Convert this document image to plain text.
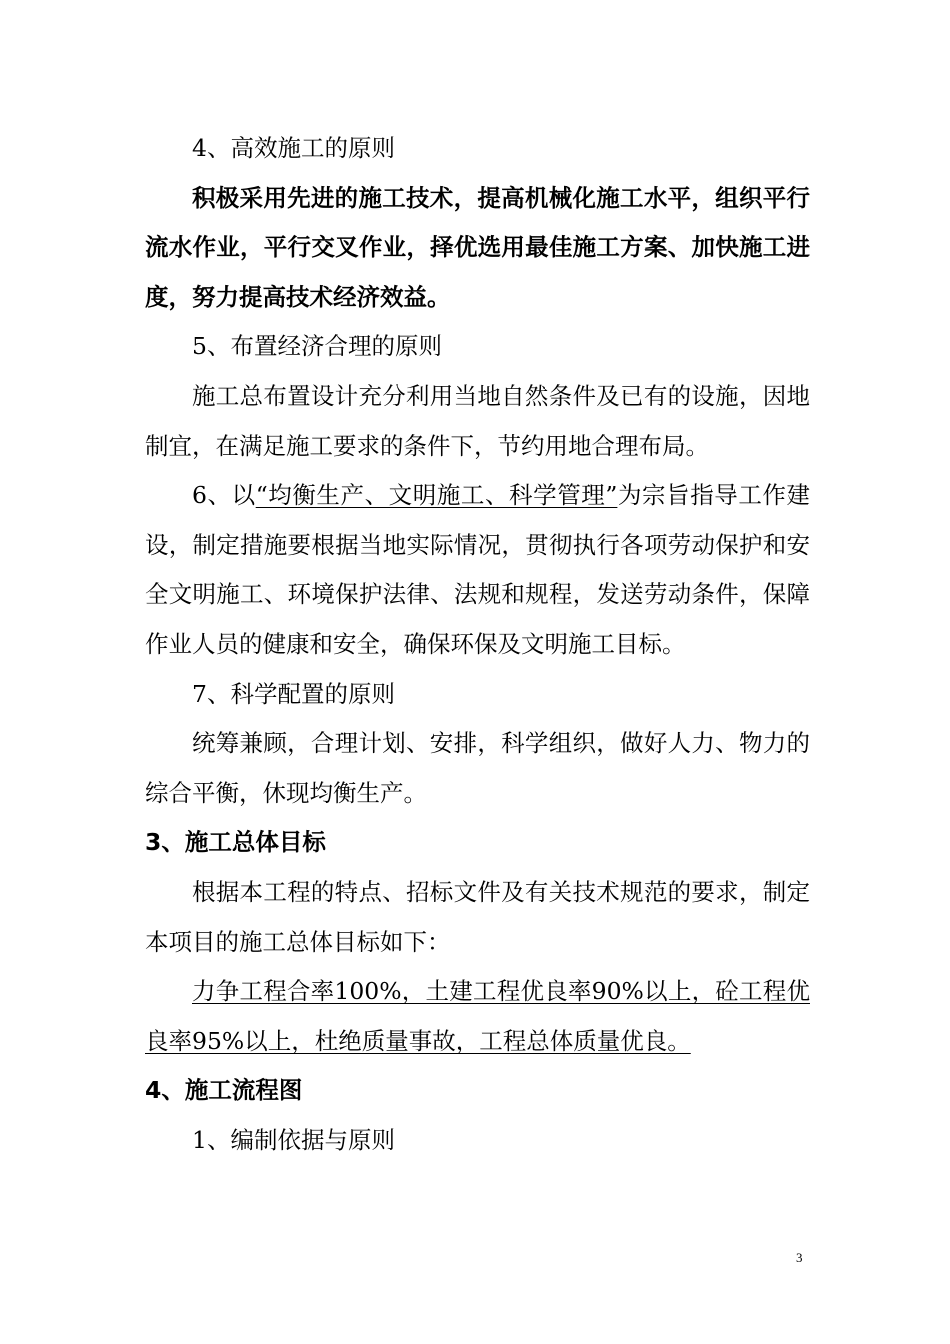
4、高效施工的原则

积极采用先进的施工技术，提高机械化施工水平，组织平行流水作业，平行交叉作业，择优选用最佳施工方案、加快施工进度，努力提高技术经济效益。

5、布置经济合理的原则

施工总布置设计充分利用当地自然条件及已有的设施，因地制宜，在满足施工要求的条件下，节约用地合理布局。

6、以“均衡生产、文明施工、科学管理”为宗旨指导工作建设，制定措施要根据当地实际情况，贯彻执行各项劳动保护和安全文明施工、环境保护法律、法规和规程，发送劳动条件，保障作业人员的健康和安全，确保环保及文明施工目标。

7、科学配置的原则

统筹兼顾，合理计划、安排，科学组织，做好人力、物力的综合平衡，休现均衡生产。

3、施工总体目标

根据本工程的特点、招标文件及有关技术规范的要求，制定本项目的施工总体目标如下：

力争工程合率100%，土建工程优良率90%以上，砼工程优良率95%以上，杜绝质量事故，工程总体质量优良。

4、施工流程图

1、编制依据与原则

3
